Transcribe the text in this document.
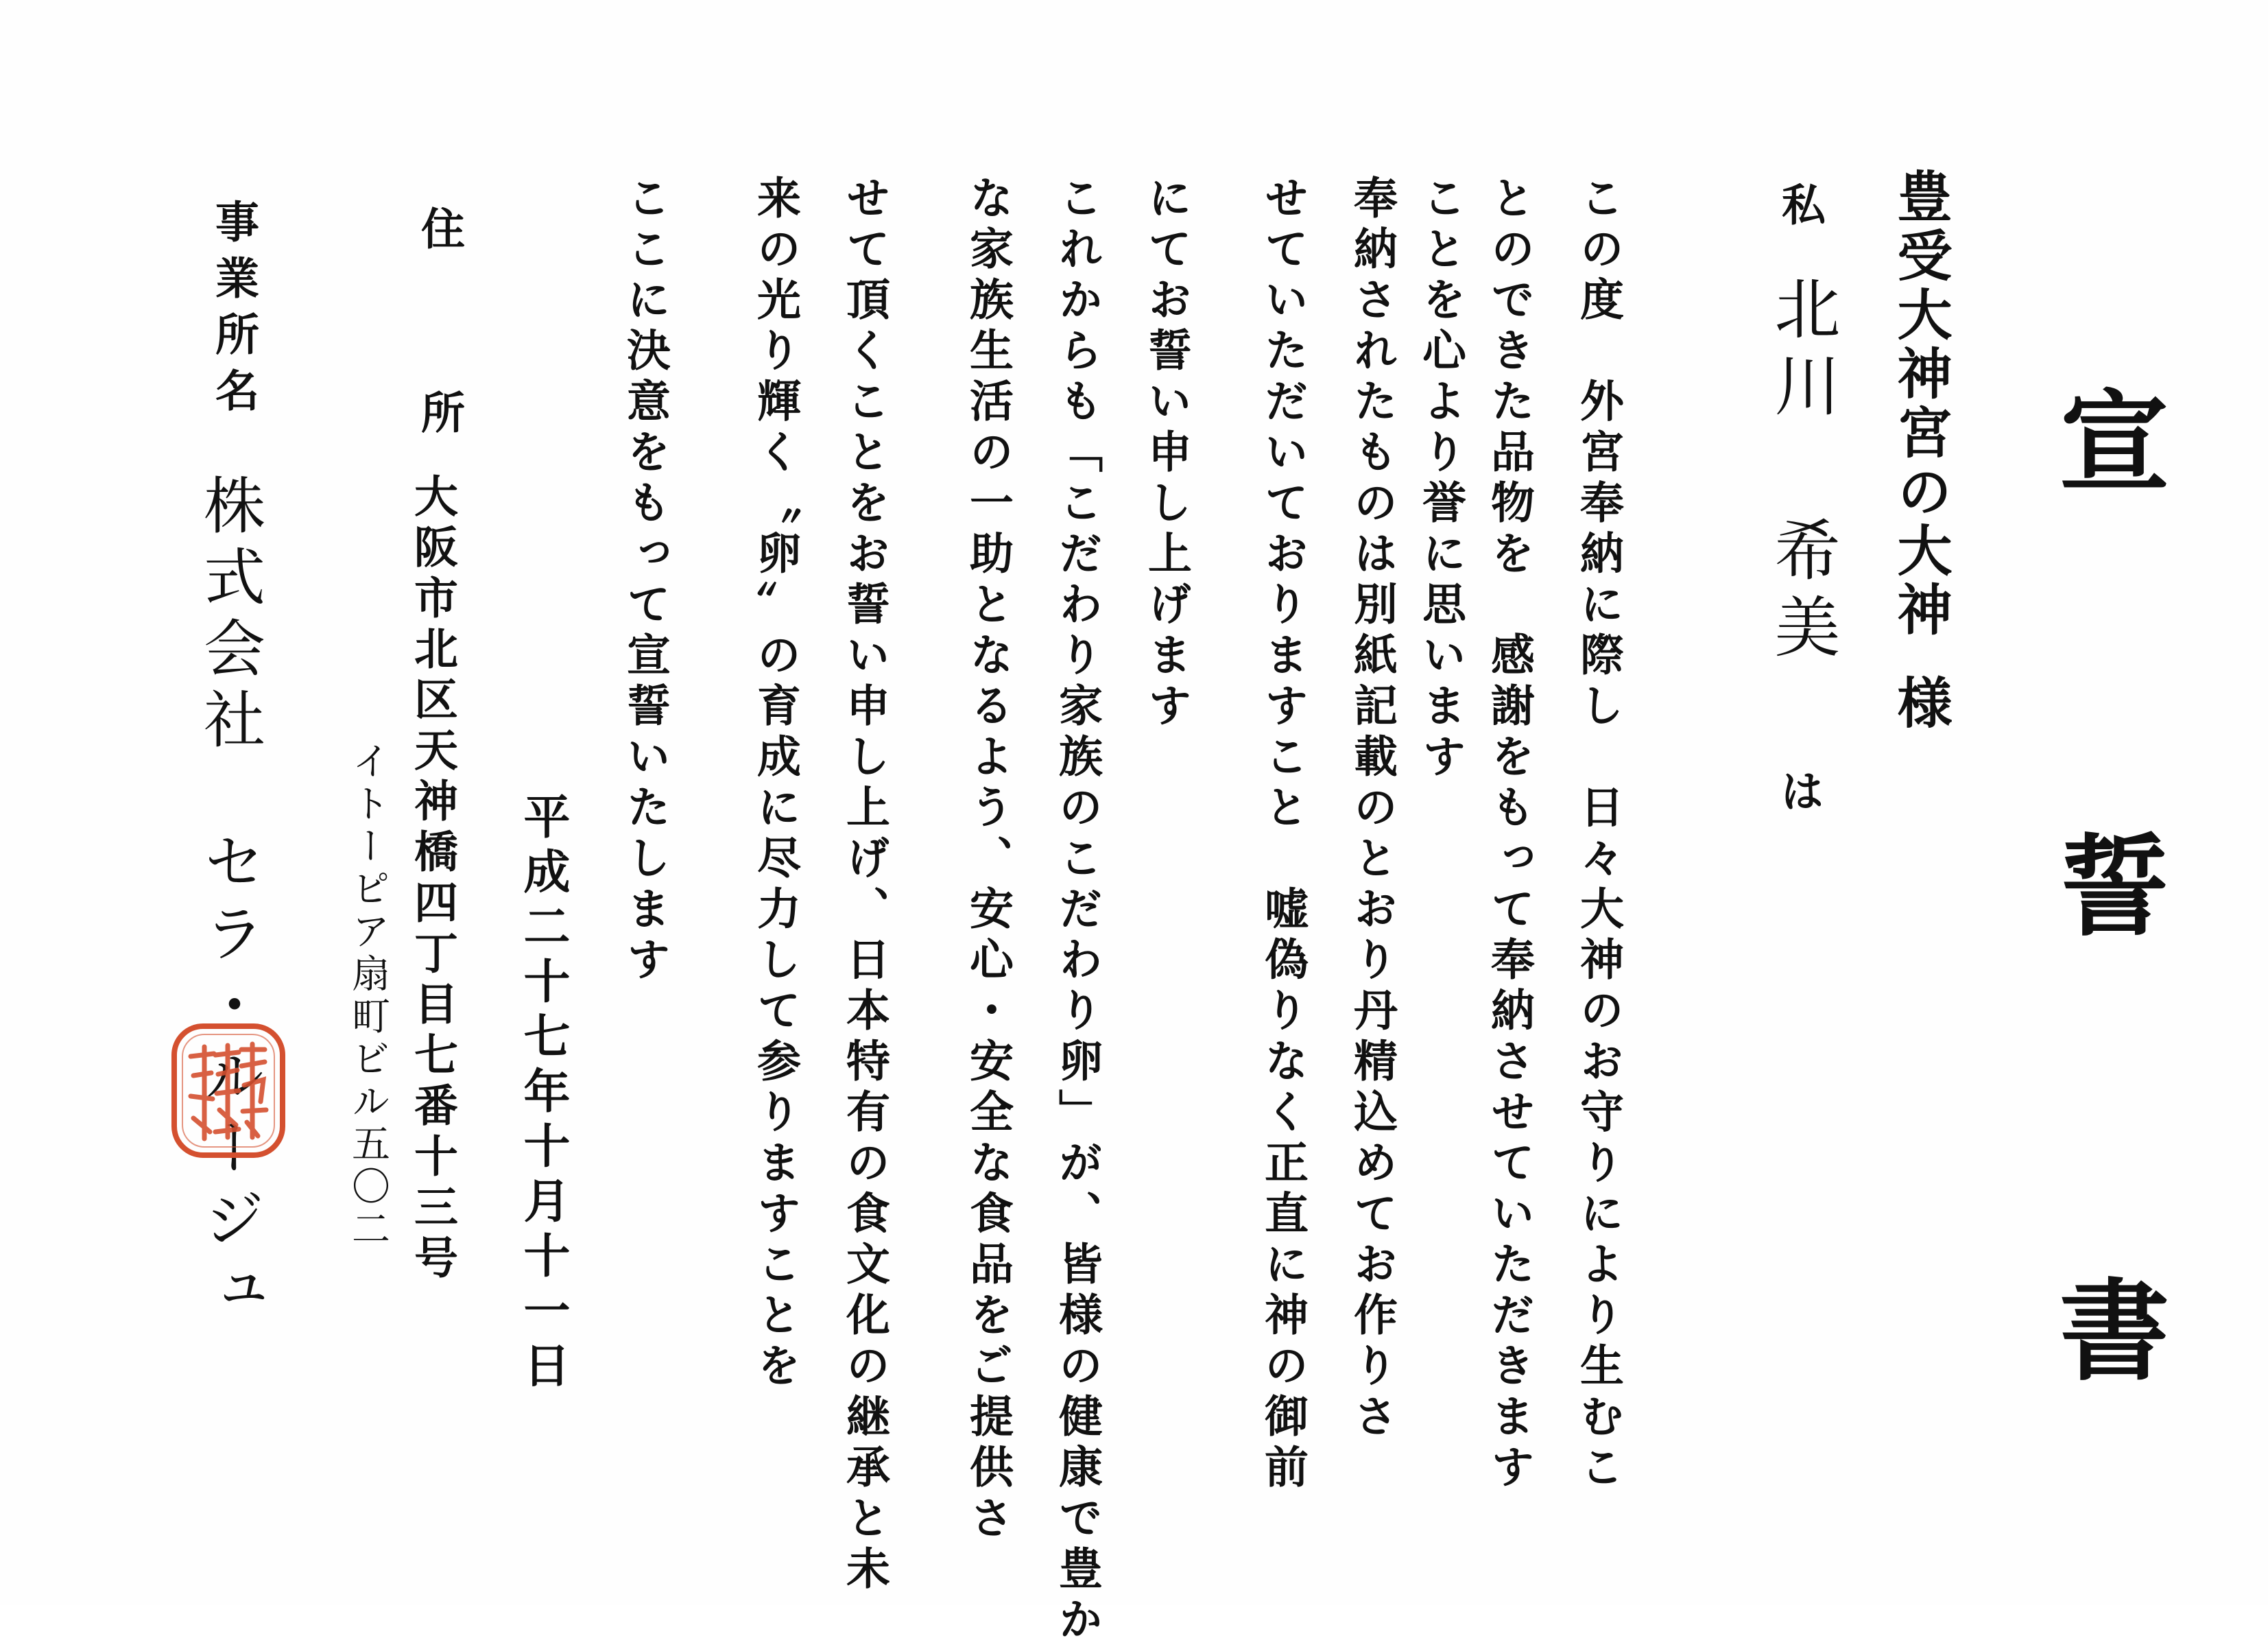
宣 誓 書
豊受大神宮の大神様
私
北川 希美
は
この度　外宮奉納に際し　日々大神のお守りにより生むこ
とのできた品物を　感謝をもって奉納させていただきます
ことを心より誉に思います
奉納されたものは別紙記載のとおり丹精込めてお作りさ
せていただいておりますこと　嘘偽りなく正直に神の御前
にてお誓い申し上げます
これからも「こだわり家族のこだわり卵」が、皆様の健康で豊か
な家族生活の一助となるよう、安心・安全な食品をご提供さ
せて頂くことをお誓い申し上げ、日本特有の食文化の継承と未
来の光り輝く〝卵〟の育成に尽力して参りますことを
ここに決意をもって宣誓いたします
平成二十七年十月十一日
住　所
大阪市北区天神橋四丁目七番十三号
イトーピア扇町ビル五〇二
事業所名
株式会社　セラ・ルージュ
